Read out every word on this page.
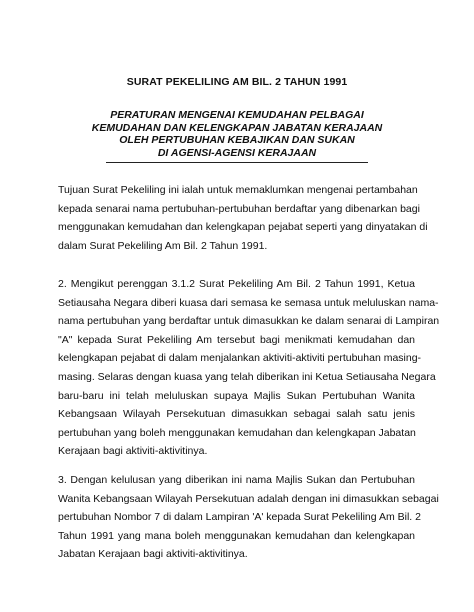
SURAT PEKELILING AM BIL. 2 TAHUN 1991
PERATURAN MENGENAI KEMUDAHAN PELBAGAI
KEMUDAHAN DAN KELENGKAPAN JABATAN KERAJAAN
OLEH PERTUBUHAN KEBAJIKAN DAN SUKAN
DI AGENSI-AGENSI KERAJAAN
Tujuan Surat Pekeliling ini ialah untuk memaklumkan mengenai pertambahan
kepada senarai nama pertubuhan-pertubuhan berdaftar yang dibenarkan bagi
menggunakan kemudahan dan kelengkapan pejabat seperti yang dinyatakan di
dalam Surat Pekeliling Am Bil. 2 Tahun 1991.
2. Mengikut perenggan 3.1.2 Surat Pekeliling Am Bil. 2 Tahun 1991, Ketua
Setiausaha Negara diberi kuasa dari semasa ke semasa untuk meluluskan nama-
nama pertubuhan yang berdaftar untuk dimasukkan ke dalam senarai di Lampiran
"A" kepada Surat Pekeliling Am tersebut bagi menikmati kemudahan dan
kelengkapan pejabat di dalam menjalankan aktiviti-aktiviti pertubuhan masing-
masing. Selaras dengan kuasa yang telah diberikan ini Ketua Setiausaha Negara
baru-baru ini telah meluluskan supaya Majlis Sukan Pertubuhan Wanita
Kebangsaan Wilayah Persekutuan dimasukkan sebagai salah satu jenis
pertubuhan yang boleh menggunakan kemudahan dan kelengkapan Jabatan
Kerajaan bagi aktiviti-aktivitinya.
3. Dengan kelulusan yang diberikan ini nama Majlis Sukan dan Pertubuhan
Wanita Kebangsaan Wilayah Persekutuan adalah dengan ini dimasukkan sebagai
pertubuhan Nombor 7 di dalam Lampiran 'A' kepada Surat Pekeliling Am Bil. 2
Tahun 1991 yang mana boleh menggunakan kemudahan dan kelengkapan
Jabatan Kerajaan bagi aktiviti-aktivitinya.
